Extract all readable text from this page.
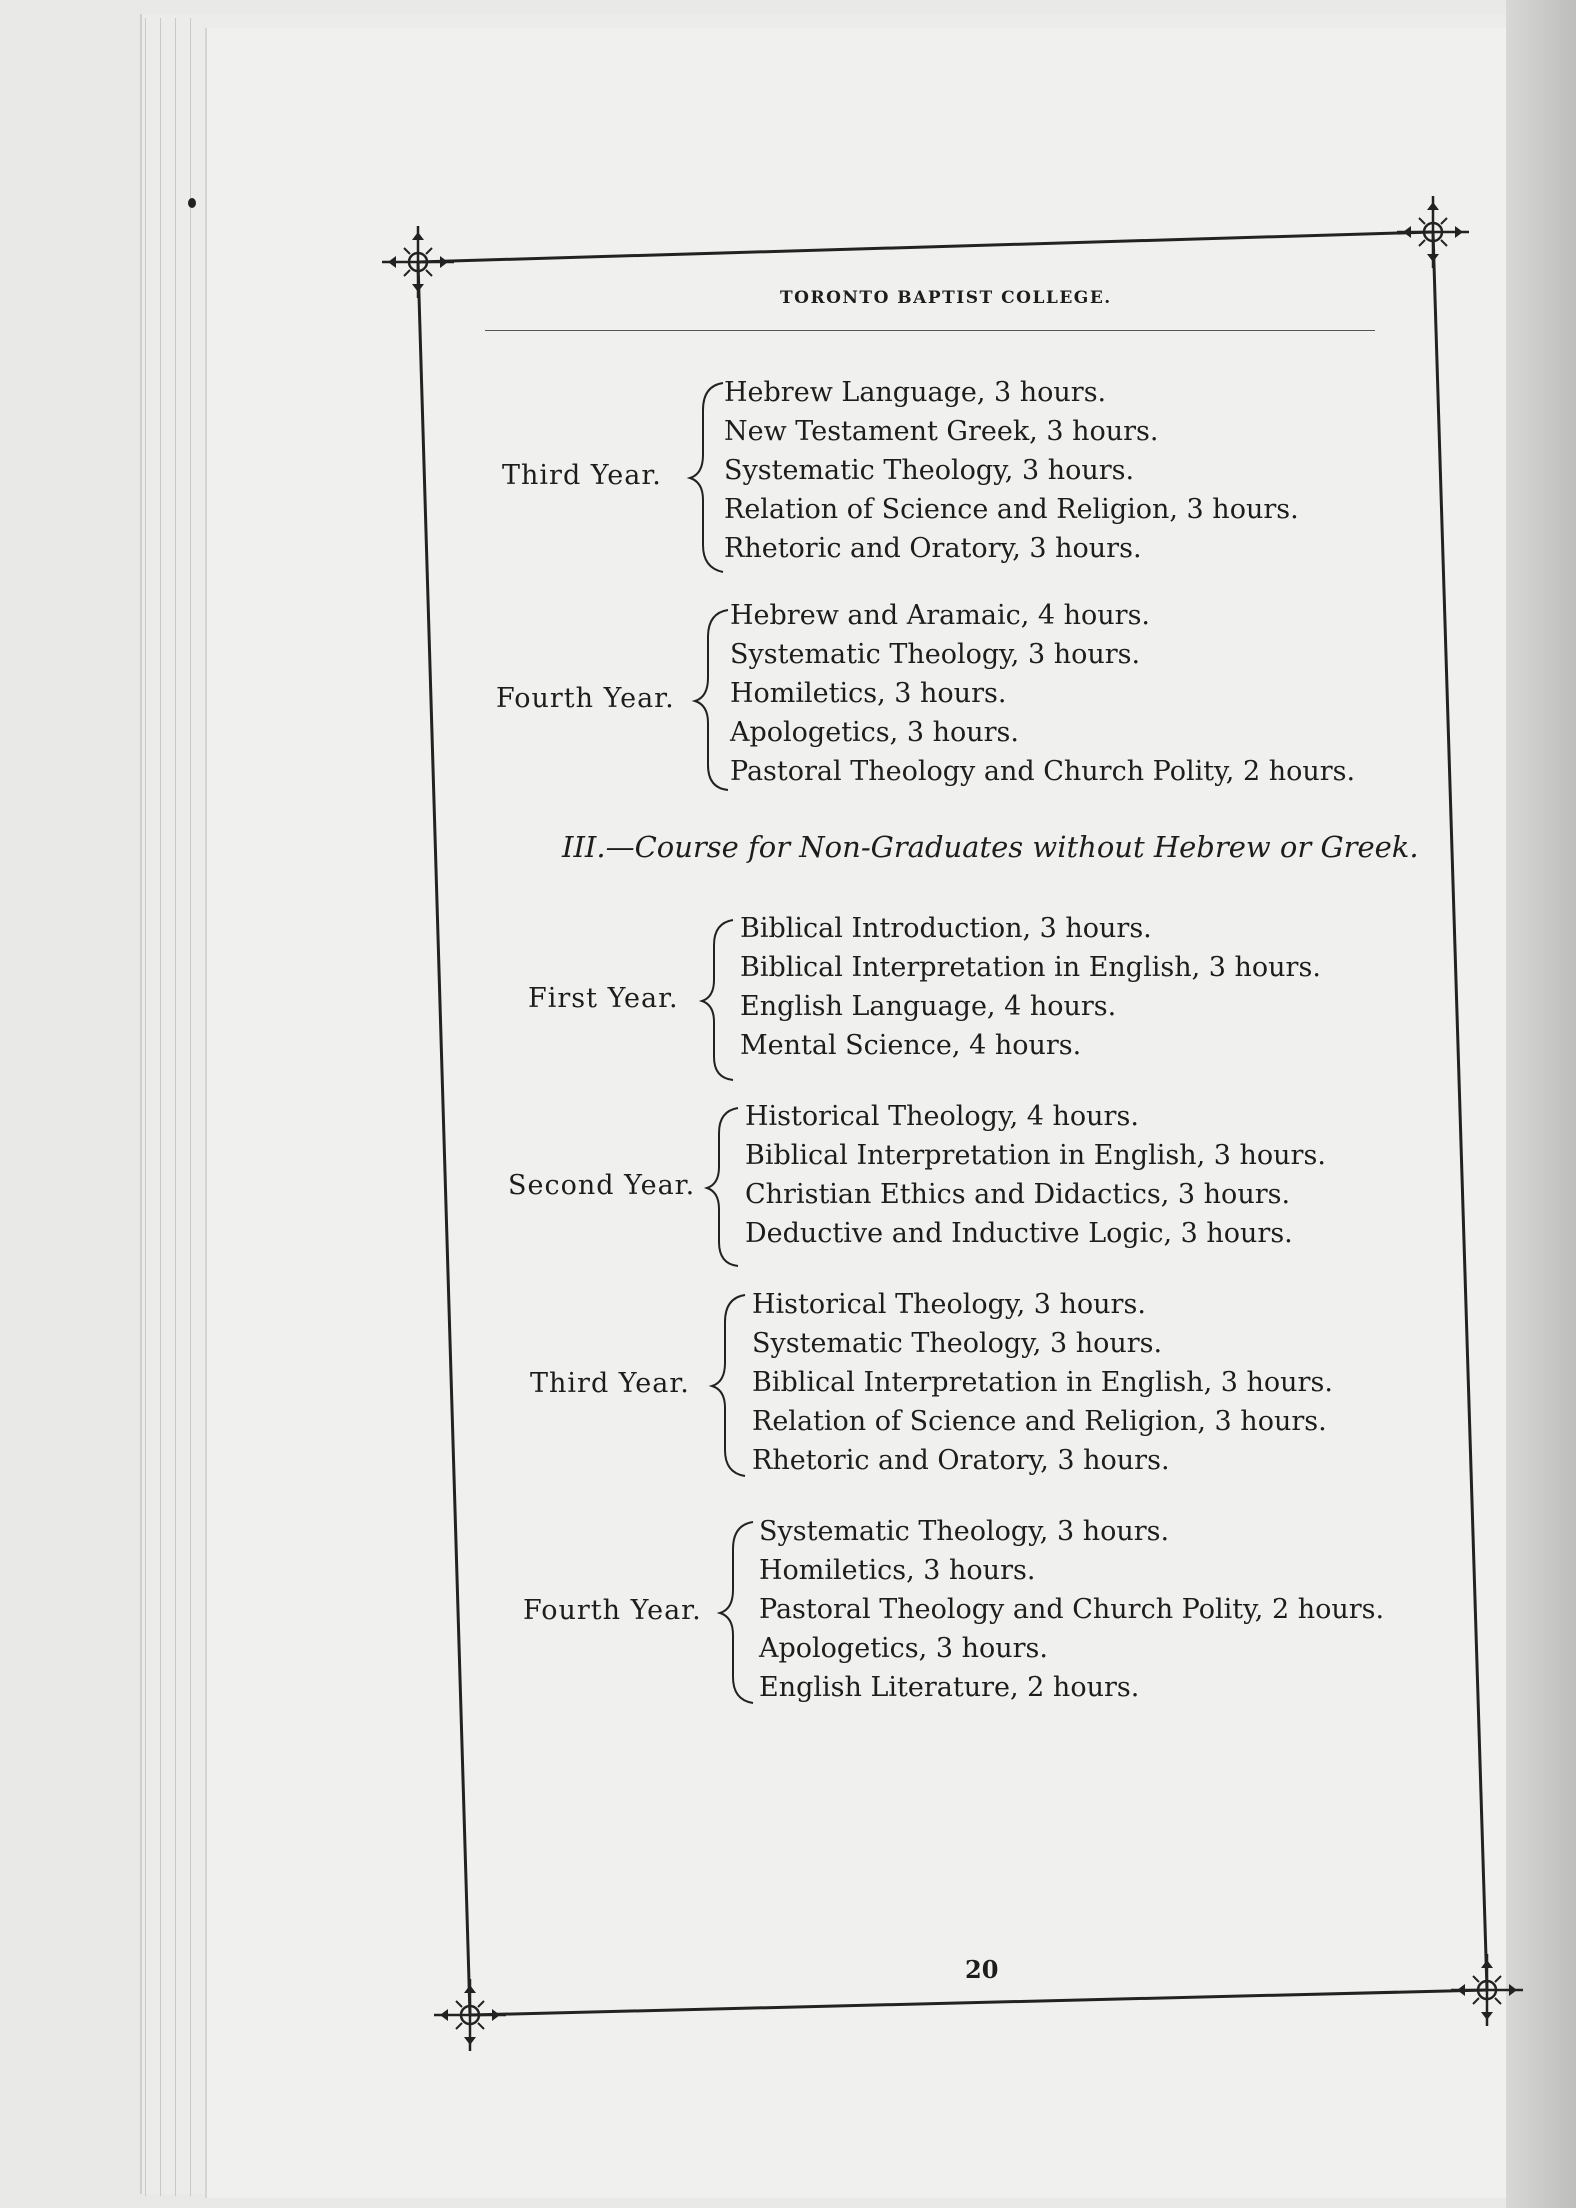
TORONTO BAPTIST COLLEGE.
Third Year.
Hebrew Language, 3 hours.
New Testament Greek, 3 hours.
Systematic Theology, 3 hours.
Relation of Science and Religion, 3 hours.
Rhetoric and Oratory, 3 hours.
Fourth Year.
Hebrew and Aramaic, 4 hours.
Systematic Theology, 3 hours.
Homiletics, 3 hours.
Apologetics, 3 hours.
Pastoral Theology and Church Polity, 2 hours.
III.—Course for Non-Graduates without Hebrew or Greek.
First Year.
Biblical Introduction, 3 hours.
Biblical Interpretation in English, 3 hours.
English Language, 4 hours.
Mental Science, 4 hours.
Second Year.
Historical Theology, 4 hours.
Biblical Interpretation in English, 3 hours.
Christian Ethics and Didactics, 3 hours.
Deductive and Inductive Logic, 3 hours.
Third Year.
Historical Theology, 3 hours.
Systematic Theology, 3 hours.
Biblical Interpretation in English, 3 hours.
Relation of Science and Religion, 3 hours.
Rhetoric and Oratory, 3 hours.
Fourth Year.
Systematic Theology, 3 hours.
Homiletics, 3 hours.
Pastoral Theology and Church Polity, 2 hours.
Apologetics, 3 hours.
English Literature, 2 hours.
20
